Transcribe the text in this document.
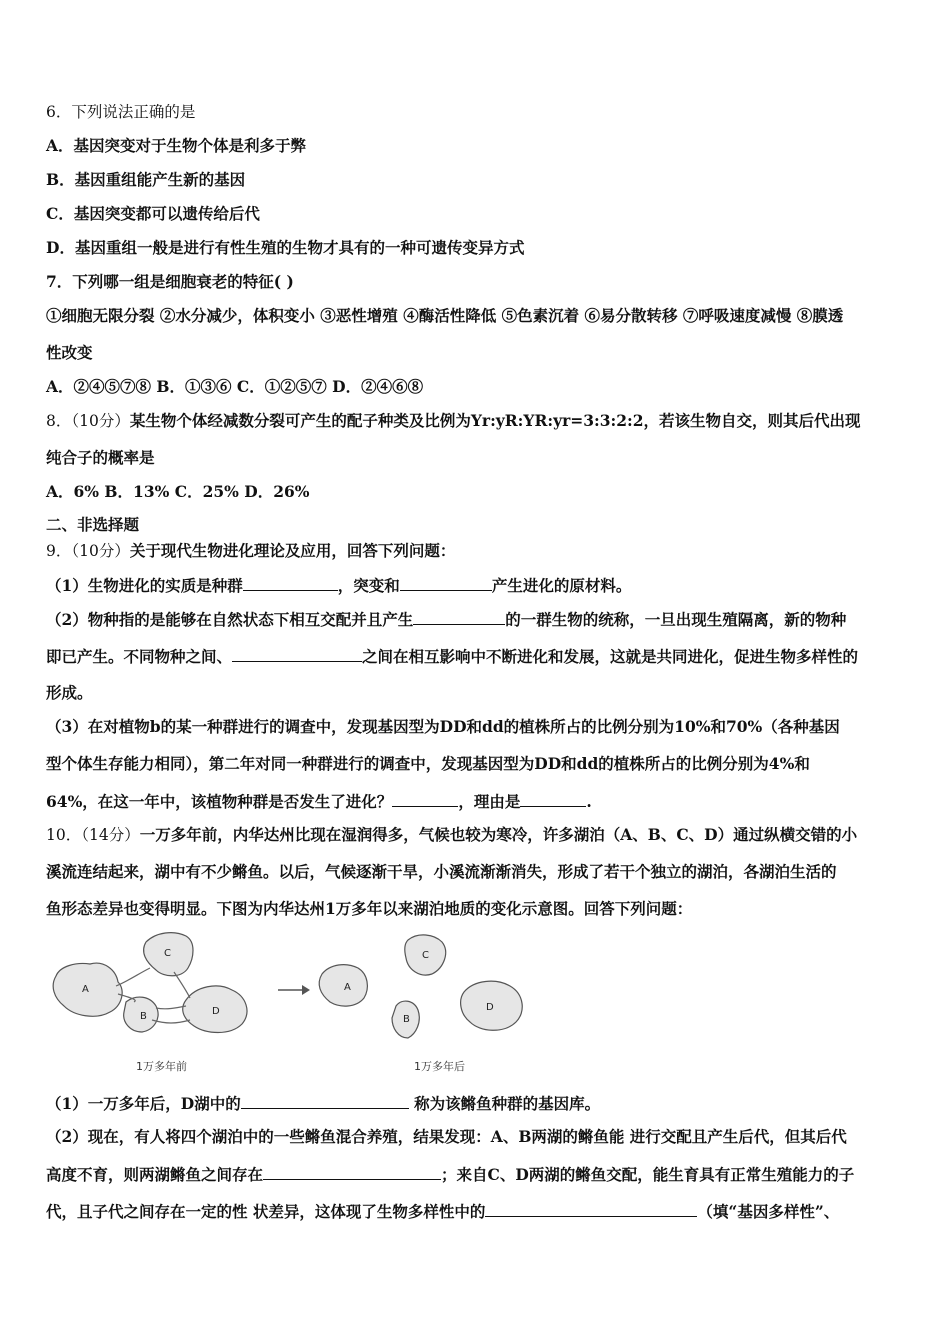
6．下列说法正确的是
A．基因突变对于生物个体是利多于弊
B．基因重组能产生新的基因
C．基因突变都可以遗传给后代
D．基因重组一般是进行有性生殖的生物才具有的一种可遗传变异方式
7．下列哪一组是细胞衰老的特征( )
①细胞无限分裂 ②水分减少，体积变小 ③恶性增殖 ④酶活性降低 ⑤色素沉着 ⑥易分散转移 ⑦呼吸速度减慢 ⑧膜透
性改变
A．②④⑤⑦⑧ B．①③⑥ C．①②⑤⑦ D．②④⑥⑧
8．（10分）某生物个体经减数分裂可产生的配子种类及比例为Yr:yR:YR:yr=3:3:2:2，若该生物自交，则其后代出现
纯合子的概率是
A．6% B．13% C．25% D．26%
二、非选择题
9．（10分）关于现代生物进化理论及应用，回答下列问题：
（1）生物进化的实质是种群	，突变和	产生进化的原材料。
（2）物种指的是能够在自然状态下相互交配并且产生	的一群生物的统称，一旦出现生殖隔离，新的物种
即已产生。不同物种之间、	之间在相互影响中不断进化和发展，这就是共同进化，促进生物多样性的
形成。
（3）在对植物b的某一种群进行的调查中，发现基因型为DD和dd的植株所占的比例分别为10%和70%（各种基因
型个体生存能力相同），第二年对同一种群进行的调查中，发现基因型为DD和dd的植株所占的比例分别为4%和
64%，在这一年中，该植物种群是否发生了进化？	，理由是	.
10．（14分）一万多年前，内华达州比现在湿润得多，气候也较为寒冷，许多湖泊（A、B、C、D）通过纵横交错的小
溪流连结起来，湖中有不少鳉鱼。以后，气候逐渐干旱，小溪流渐渐消失，形成了若干个独立的湖泊，各湖泊生活的
鱼形态差异也变得明显。下图为内华达州1万多年以来湖泊地质的变化示意图。回答下列问题：
A
B
C
D
1万多年前
A
B
C
D
1万多年后
（1）一万多年后，D湖中的	称为该鳉鱼种群的基因库。
（2）现在，有人将四个湖泊中的一些鳉鱼混合养殖，结果发现：A、B两湖的鳉鱼能 进行交配且产生后代，但其后代
高度不育，则两湖鳉鱼之间存在	；来自C、D两湖的鳉鱼交配，能生育具有正常生殖能力的子
代，且子代之间存在一定的性 状差异，这体现了生物多样性中的	（填“基因多样性”、
